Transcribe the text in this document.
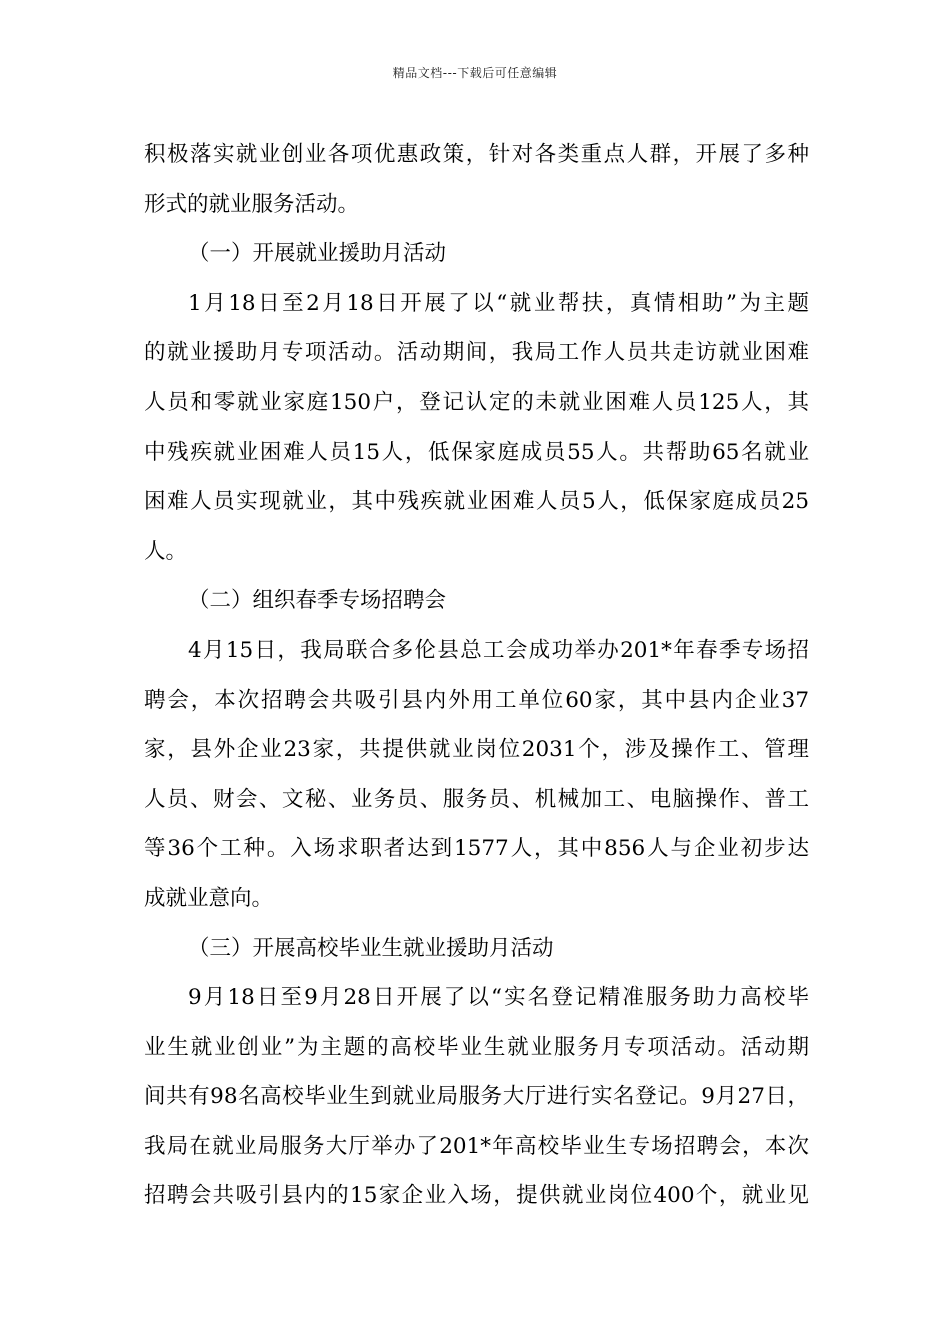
精品文档---下载后可任意编辑
积极落实就业创业各项优惠政策，针对各类重点人群，开展了多种
形式的就业服务活动。
（一）开展就业援助月活动
1月18日至2月18日开展了以“就业帮扶，真情相助”为主题
的就业援助月专项活动。活动期间，我局工作人员共走访就业困难
人员和零就业家庭150户，登记认定的未就业困难人员125人，其
中残疾就业困难人员15人，低保家庭成员55人。共帮助65名就业
困难人员实现就业，其中残疾就业困难人员5人，低保家庭成员25
人。
（二）组织春季专场招聘会
4月15日，我局联合多伦县总工会成功举办201*年春季专场招
聘会，本次招聘会共吸引县内外用工单位60家，其中县内企业37
家，县外企业23家，共提供就业岗位2031个，涉及操作工、管理
人员、财会、文秘、业务员、服务员、机械加工、电脑操作、普工
等36个工种。入场求职者达到1577人，其中856人与企业初步达
成就业意向。
（三）开展高校毕业生就业援助月活动
9月18日至9月28日开展了以“实名登记精准服务助力高校毕
业生就业创业”为主题的高校毕业生就业服务月专项活动。活动期
间共有98名高校毕业生到就业局服务大厅进行实名登记。9月27日，
我局在就业局服务大厅举办了201*年高校毕业生专场招聘会，本次
招聘会共吸引县内的15家企业入场，提供就业岗位400个，就业见
